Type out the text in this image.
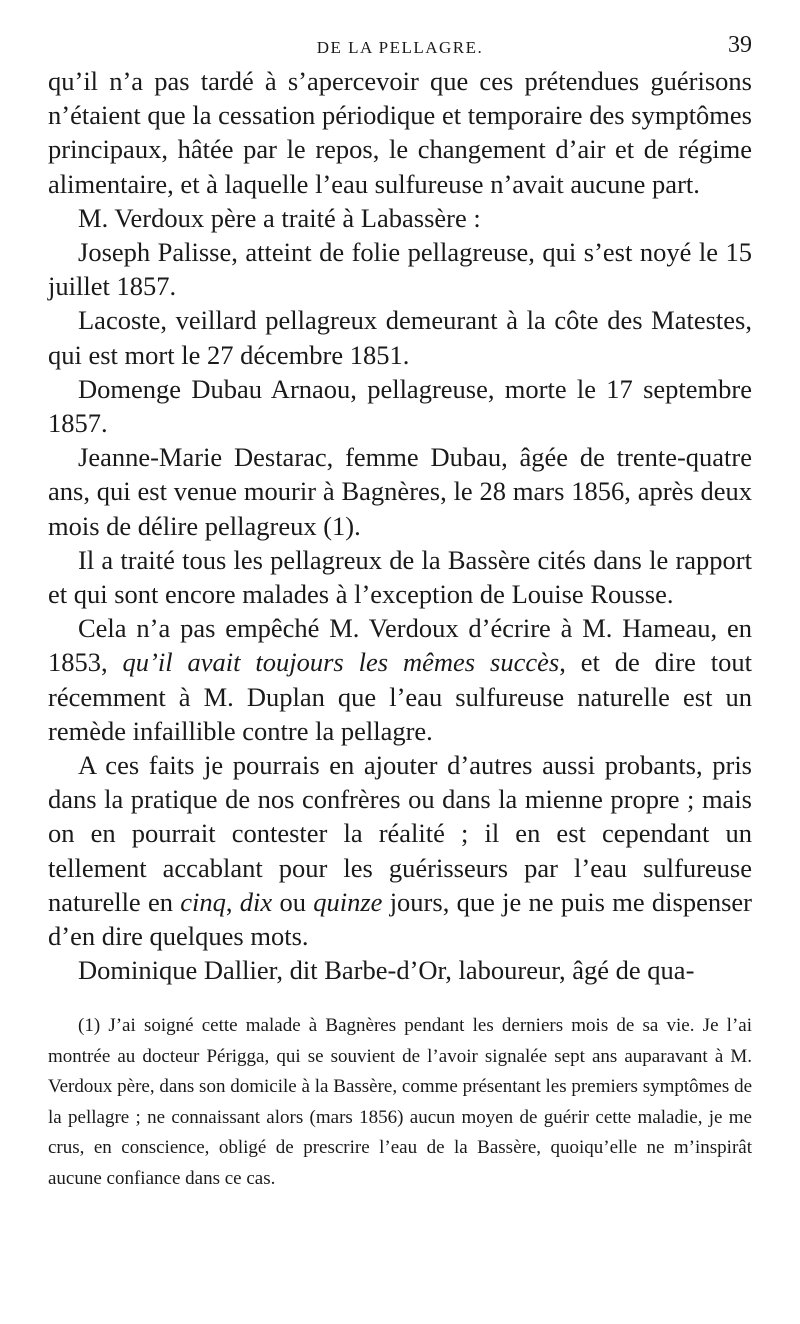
DE LA PELLAGRE.	39

qu’il n’a pas tardé à s’apercevoir que ces prétendues guérisons n’étaient que la cessation périodique et temporaire des symptômes principaux, hâtée par le repos, le changement d’air et de régime alimentaire, et à laquelle l’eau sulfureuse n’avait aucune part.

M. Verdoux père a traité à Labassère :

Joseph Palisse, atteint de folie pellagreuse, qui s’est noyé le 15 juillet 1857.

Lacoste, veillard pellagreux demeurant à la côte des Matestes, qui est mort le 27 décembre 1851.

Domenge Dubau Arnaou, pellagreuse, morte le 17 septembre 1857.

Jeanne-Marie Destarac, femme Dubau, âgée de trente-quatre ans, qui est venue mourir à Bagnères, le 28 mars 1856, après deux mois de délire pellagreux (1).

Il a traité tous les pellagreux de la Bassère cités dans le rapport et qui sont encore malades à l’exception de Louise Rousse.

Cela n’a pas empêché M. Verdoux d’écrire à M. Hameau, en 1853, qu’il avait toujours les mêmes succès, et de dire tout récemment à M. Duplan que l’eau sulfureuse naturelle est un remède infaillible contre la pellagre.

A ces faits je pourrais en ajouter d’autres aussi probants, pris dans la pratique de nos confrères ou dans la mienne propre ; mais on en pourrait contester la réalité ; il en est cependant un tellement accablant pour les guérisseurs par l’eau sulfureuse naturelle en cinq, dix ou quinze jours, que je ne puis me dispenser d’en dire quelques mots.

Dominique Dallier, dit Barbe-d’Or, laboureur, âgé de qua-

(1) J’ai soigné cette malade à Bagnères pendant les derniers mois de sa vie. Je l’ai montrée au docteur Périgga, qui se souvient de l’avoir signalée sept ans auparavant à M. Verdoux père, dans son domicile à la Bassère, comme présentant les premiers symptômes de la pellagre ; ne connaissant alors (mars 1856) aucun moyen de guérir cette maladie, je me crus, en conscience, obligé de prescrire l’eau de la Bassère, quoiqu’elle ne m’inspirât aucune confiance dans ce cas.
